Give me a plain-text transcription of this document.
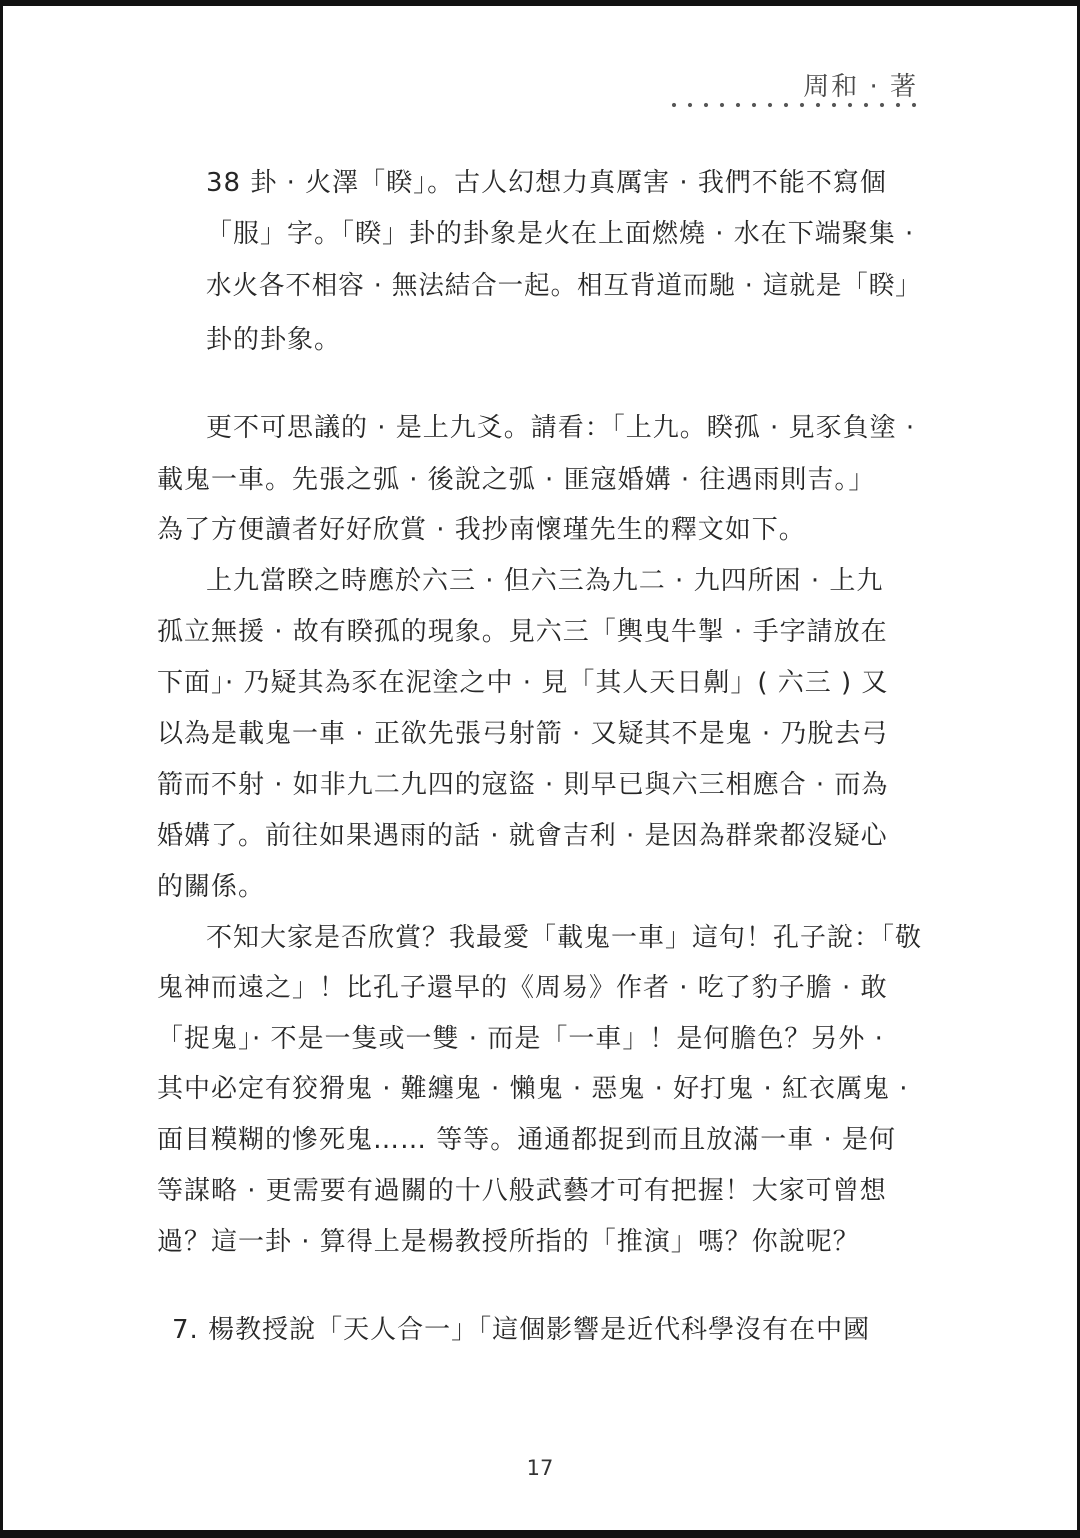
周和 · 著
38 卦 · 火澤「睽」。古人幻想力真厲害 · 我們不能不寫個
「服」字。「睽」卦的卦象是火在上面燃燒 · 水在下端聚集 ·
水火各不相容 · 無法結合一起。相互背道而馳 · 這就是「睽」
卦的卦象。
更不可思議的 · 是上九爻。請看：「上九。睽孤 · 見豕負塗 ·
載鬼一車。先張之弧 · 後說之弧 · 匪寇婚媾 · 往遇雨則吉。」
為了方便讀者好好欣賞 · 我抄南懷瑾先生的釋文如下。
上九當睽之時應於六三 · 但六三為九二 · 九四所困 · 上九
孤立無援 · 故有睽孤的現象。見六三「輿曳牛掣 · 手字請放在
下面」· 乃疑其為豕在泥塗之中 · 見「其人天日劓」( 六三 ) 又
以為是載鬼一車 · 正欲先張弓射箭 · 又疑其不是鬼 · 乃脫去弓
箭而不射 · 如非九二九四的寇盜 · 則早已與六三相應合 · 而為
婚媾了。前往如果遇雨的話 · 就會吉利 · 是因為群衆都沒疑心
的關係。
不知大家是否欣賞？我最愛「載鬼一車」這句！孔子說：「敬
鬼神而遠之」！比孔子還早的《周易》作者 · 吃了豹子膽 · 敢
「捉鬼」· 不是一隻或一雙 · 而是「一車」！是何膽色？另外 ·
其中必定有狡猾鬼 · 難纏鬼 · 懶鬼 · 惡鬼 · 好打鬼 · 紅衣厲鬼 ·
面目糢糊的慘死鬼…… 等等。通通都捉到而且放滿一車 · 是何
等謀略 · 更需要有過關的十八般武藝才可有把握！大家可曾想
過？這一卦 · 算得上是楊教授所指的「推演」嗎？你說呢？
7. 楊教授說「天人合一」「這個影響是近代科學沒有在中國
17
